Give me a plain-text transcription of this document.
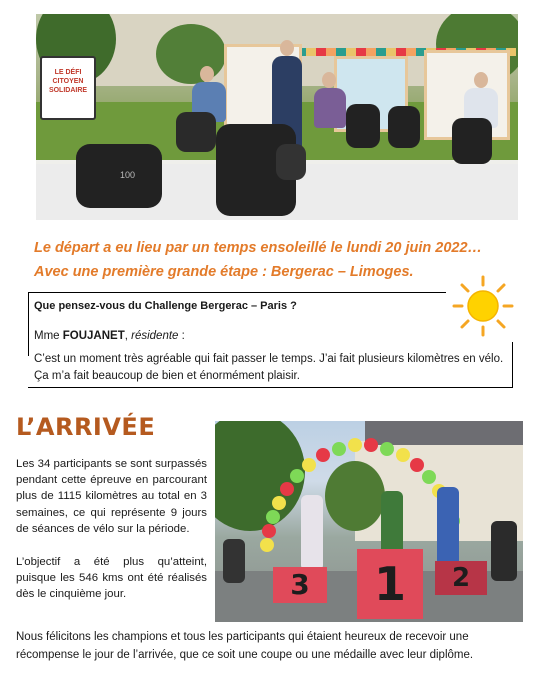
LE DÉFI CITOYEN SOLIDAIRE
100
Le départ a eu lieu par un temps ensoleillé le lundi 20 juin 2022…
Avec une première grande étape : Bergerac – Limoges.
Que pensez-vous du Challenge Bergerac – Paris ?
Mme FOUJANET, résidente :
C’est un moment très agréable qui fait passer le temps. J’ai fait plusieurs kilomètres en vélo. Ça m’a fait beaucoup de bien et énormément plaisir.
L’ARRIVÉE
Les 34 participants se sont surpassés pendant cette épreuve en parcourant plus de 1115 kilomètres au total en 3 semaines, ce qui représente 9 jours de séances de vélo sur la période.
L’objectif a été plus qu’atteint, puisque les 546 kms ont été réalisés dès le cinquième jour.	3	1	2
Nous félicitons les champions et tous les participants qui étaient heureux de recevoir une récompense le jour de l’arrivée, que ce soit une coupe ou une médaille avec leur diplôme.
